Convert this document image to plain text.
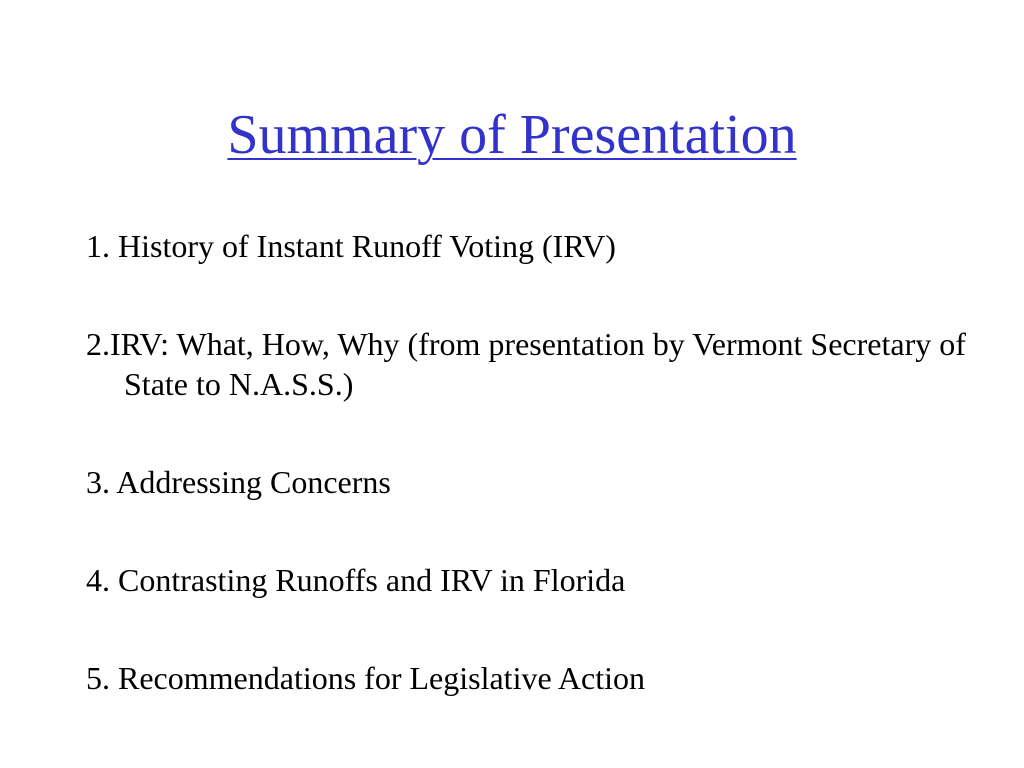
Summary of Presentation
1. History of Instant Runoff Voting (IRV)
2.IRV: What, How, Why (from presentation by Vermont Secretary of State to N.A.S.S.)
3. Addressing Concerns
4. Contrasting Runoffs and IRV in Florida
5. Recommendations for Legislative Action
